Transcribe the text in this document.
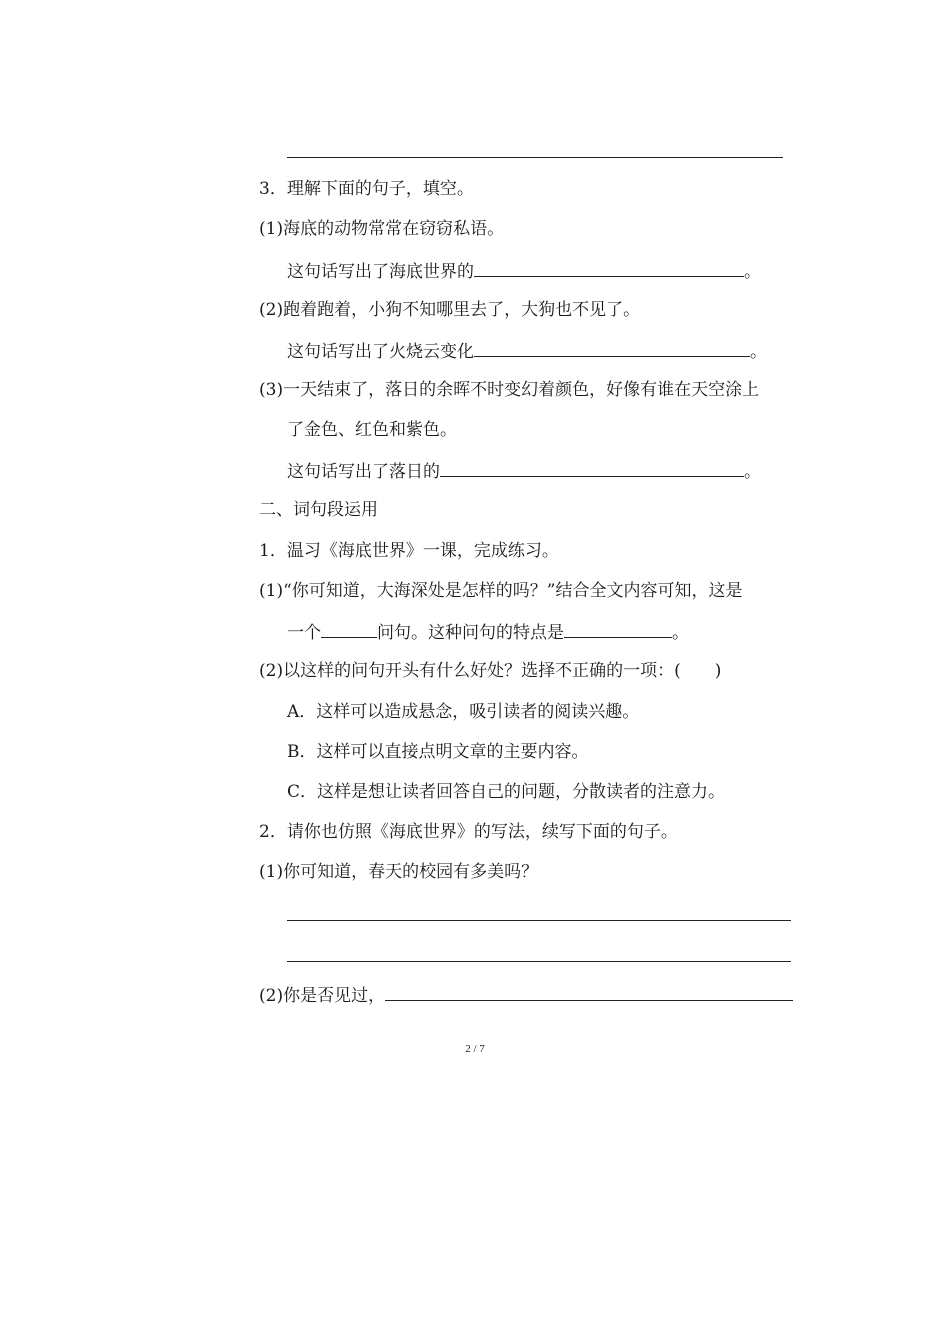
3．理解下面的句子，填空。
(1)海底的动物常常在窃窃私语。
这句话写出了海底世界的	。
(2)跑着跑着，小狗不知哪里去了，大狗也不见了。
这句话写出了火烧云变化	。
(3)一天结束了，落日的余晖不时变幻着颜色，好像有谁在天空涂上
了金色、红色和紫色。
这句话写出了落日的	。
二、词句段运用
1．温习《海底世界》一课，完成练习。
(1)“你可知道，大海深处是怎样的吗？”结合全文内容可知，这是
一个	问句。这种问句的特点是	。
(2)以这样的问句开头有什么好处？选择不正确的一项：( )
A．这样可以造成悬念，吸引读者的阅读兴趣。
B．这样可以直接点明文章的主要内容。
C．这样是想让读者回答自己的问题，分散读者的注意力。
2．请你也仿照《海底世界》的写法，续写下面的句子。
(1)你可知道，春天的校园有多美吗？
(2)你是否见过，
2 / 7
